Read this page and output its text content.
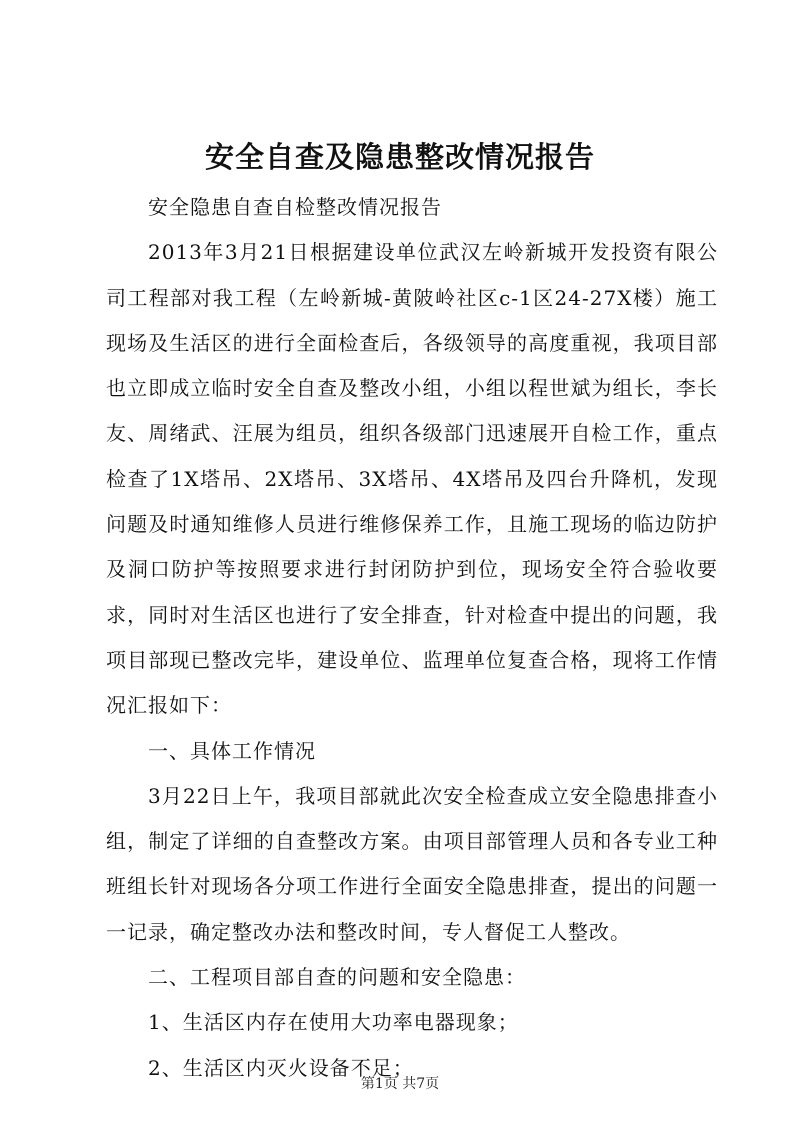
安全自查及隐患整改情况报告

安全隐患自查自检整改情况报告

2013年3月21日根据建设单位武汉左岭新城开发投资有限公司工程部对我工程（左岭新城-黄陂岭社区c-1区24-27X楼）施工现场及生活区的进行全面检查后，各级领导的高度重视，我项目部也立即成立临时安全自查及整改小组，小组以程世斌为组长，李长友、周绪武、汪展为组员，组织各级部门迅速展开自检工作，重点检查了1X塔吊、2X塔吊、3X塔吊、4X塔吊及四台升降机，发现问题及时通知维修人员进行维修保养工作，且施工现场的临边防护及洞口防护等按照要求进行封闭防护到位，现场安全符合验收要求，同时对生活区也进行了安全排查，针对检查中提出的问题，我项目部现已整改完毕，建设单位、监理单位复查合格，现将工作情况汇报如下：

一、具体工作情况

3月22日上午，我项目部就此次安全检查成立安全隐患排查小组，制定了详细的自查整改方案。由项目部管理人员和各专业工种班组长针对现场各分项工作进行全面安全隐患排查，提出的问题一一记录，确定整改办法和整改时间，专人督促工人整改。

二、工程项目部自查的问题和安全隐患：

1、生活区内存在使用大功率电器现象；

2、生活区内灭火设备不足；

第1页 共7页
